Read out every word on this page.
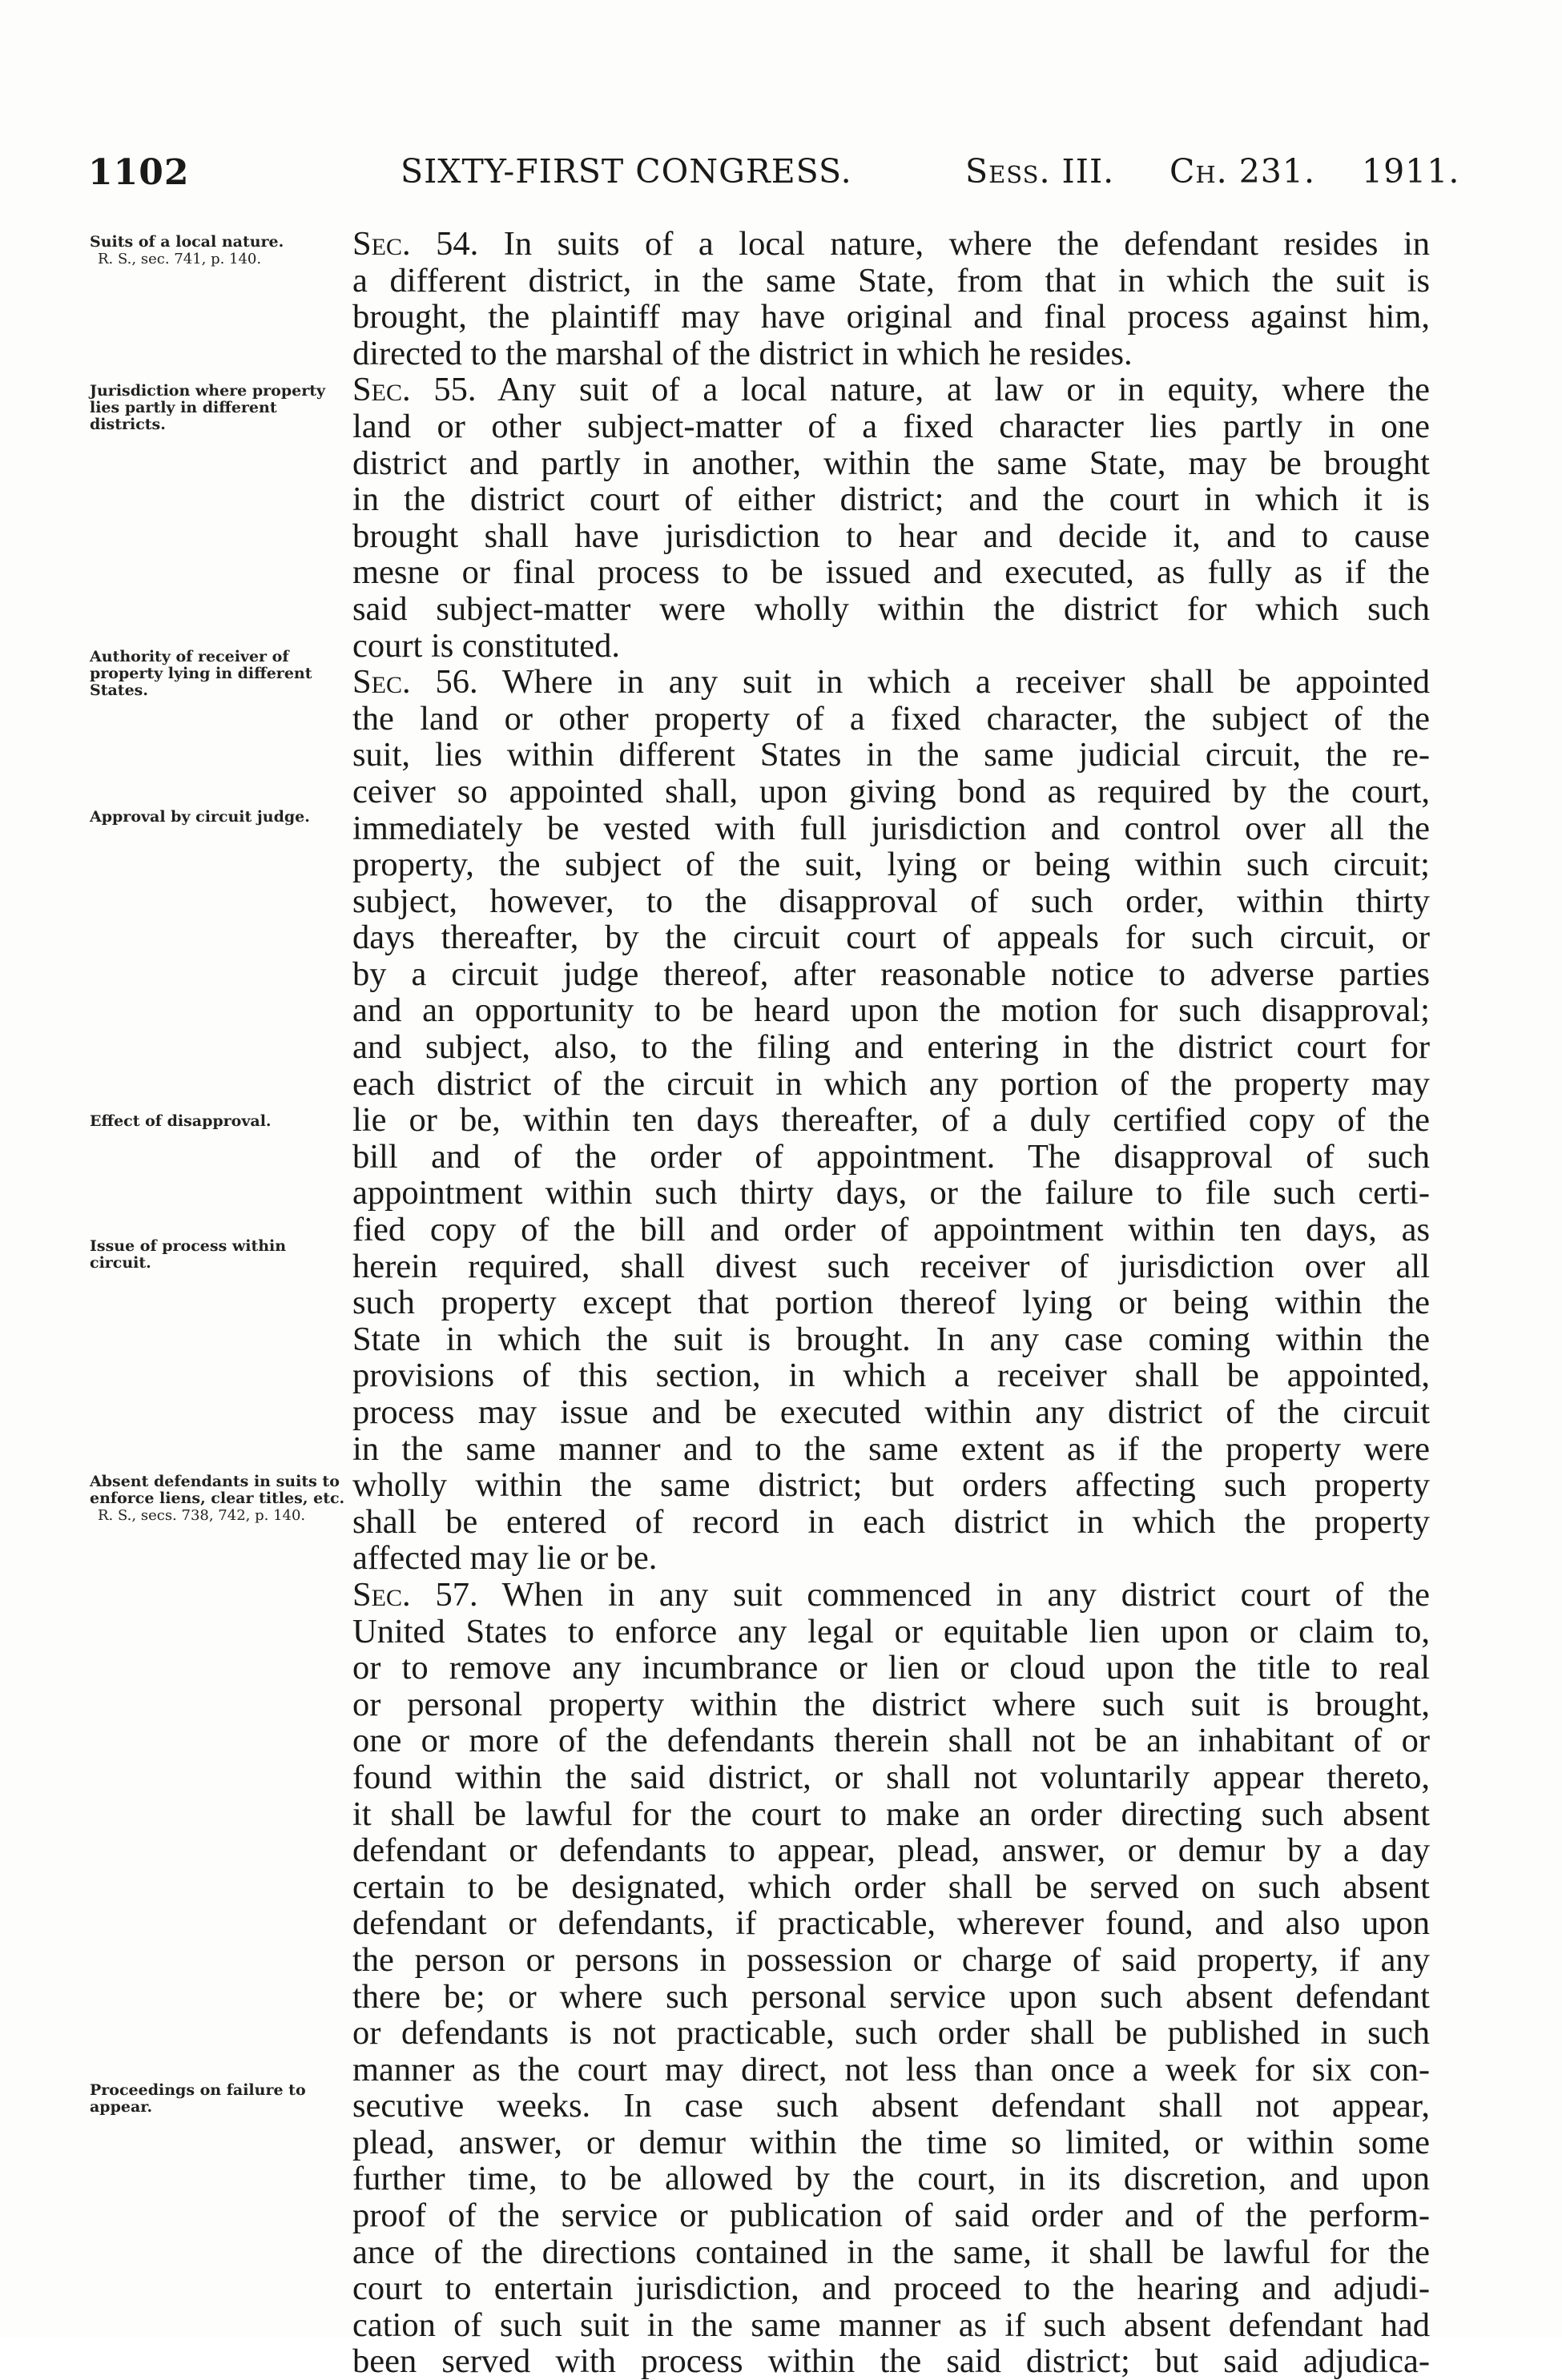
1102	SIXTY-FIRST CONGRESS.	Sess. III. Ch. 231. 1911.
Suits of a local nature.
R. S., sec. 741, p. 140.
Jurisdiction where property lies partly in different districts.
Authority of receiver of property lying in different States.
Approval by circuit judge.
Effect of disapproval.
Issue of process within circuit.
Absent defendants in suits to enforce liens, clear titles, etc.
R. S., secs. 738, 742, p. 140.
Proceedings on failure to appear.
Sec. 54. In suits of a local nature, where the defendant resides in
a different district, in the same State, from that in which the suit is
brought, the plaintiff may have original and final process against him,
directed to the marshal of the district in which he resides.
Sec. 55. Any suit of a local nature, at law or in equity, where the
land or other subject-matter of a fixed character lies partly in one
district and partly in another, within the same State, may be brought
in the district court of either district; and the court in which it is
brought shall have jurisdiction to hear and decide it, and to cause
mesne or final process to be issued and executed, as fully as if the
said subject-matter were wholly within the district for which such
court is constituted.
Sec. 56. Where in any suit in which a receiver shall be appointed
the land or other property of a fixed character, the subject of the
suit, lies within different States in the same judicial circuit, the re-
ceiver so appointed shall, upon giving bond as required by the court,
immediately be vested with full jurisdiction and control over all the
property, the subject of the suit, lying or being within such circuit;
subject, however, to the disapproval of such order, within thirty
days thereafter, by the circuit court of appeals for such circuit, or
by a circuit judge thereof, after reasonable notice to adverse parties
and an opportunity to be heard upon the motion for such disapproval;
and subject, also, to the filing and entering in the district court for
each district of the circuit in which any portion of the property may
lie or be, within ten days thereafter, of a duly certified copy of the
bill and of the order of appointment. The disapproval of such
appointment within such thirty days, or the failure to file such certi-
fied copy of the bill and order of appointment within ten days, as
herein required, shall divest such receiver of jurisdiction over all
such property except that portion thereof lying or being within the
State in which the suit is brought. In any case coming within the
provisions of this section, in which a receiver shall be appointed,
process may issue and be executed within any district of the circuit
in the same manner and to the same extent as if the property were
wholly within the same district; but orders affecting such property
shall be entered of record in each district in which the property
affected may lie or be.
Sec. 57. When in any suit commenced in any district court of the
United States to enforce any legal or equitable lien upon or claim to,
or to remove any incumbrance or lien or cloud upon the title to real
or personal property within the district where such suit is brought,
one or more of the defendants therein shall not be an inhabitant of or
found within the said district, or shall not voluntarily appear thereto,
it shall be lawful for the court to make an order directing such absent
defendant or defendants to appear, plead, answer, or demur by a day
certain to be designated, which order shall be served on such absent
defendant or defendants, if practicable, wherever found, and also upon
the person or persons in possession or charge of said property, if any
there be; or where such personal service upon such absent defendant
or defendants is not practicable, such order shall be published in such
manner as the court may direct, not less than once a week for six con-
secutive weeks. In case such absent defendant shall not appear,
plead, answer, or demur within the time so limited, or within some
further time, to be allowed by the court, in its discretion, and upon
proof of the service or publication of said order and of the perform-
ance of the directions contained in the same, it shall be lawful for the
court to entertain jurisdiction, and proceed to the hearing and adjudi-
cation of such suit in the same manner as if such absent defendant had
been served with process within the said district; but said adjudica-
